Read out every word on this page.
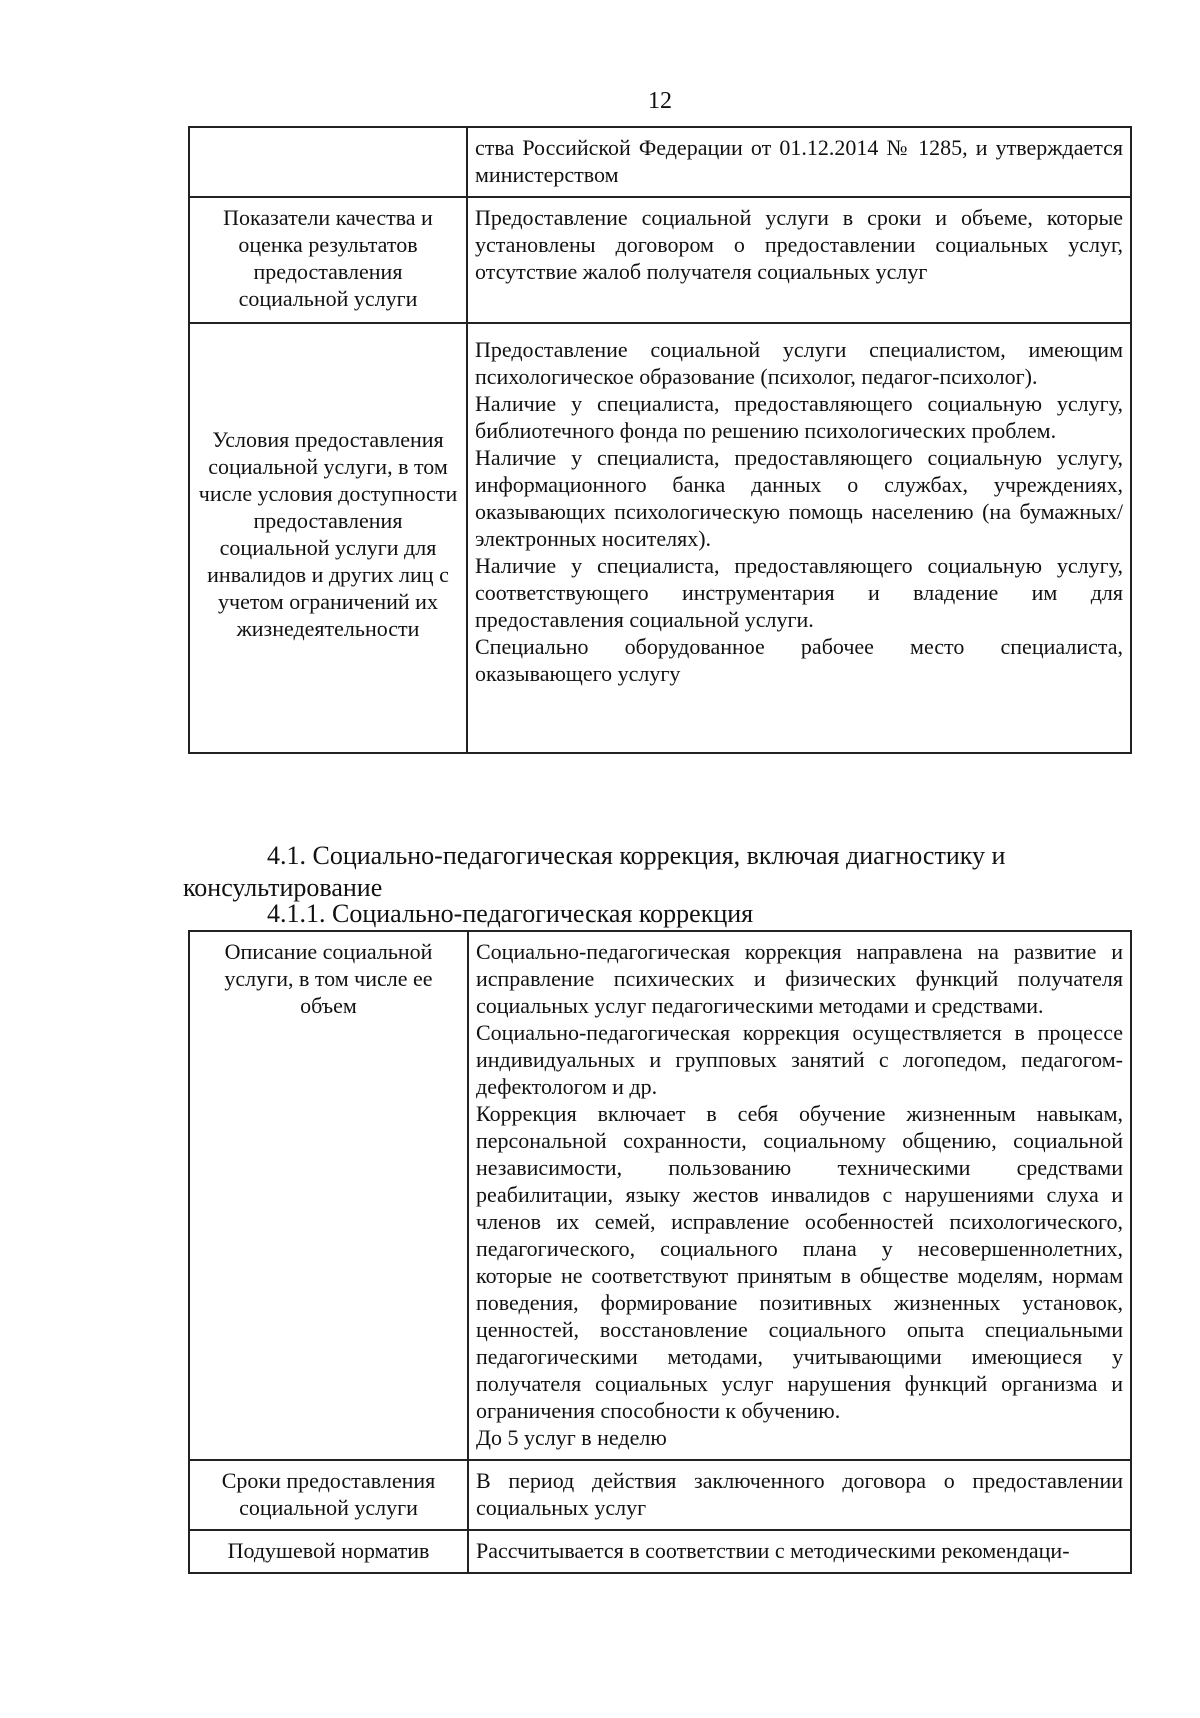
12

	ства Российской Федерации от 01.12.2014 № 1285, и утверждается министерством

Показатели качества и оценка результатов предоставления социальной услуги	Предоставление социальной услуги в сроки и объеме, которые установлены договором о предоставлении социальных услуг, отсутствие жалоб получателя социальных услуг

Условия предоставления социальной услуги, в том числе условия доступности предоставления социальной услуги для инвалидов и других лиц с учетом ограничений их жизнедеятельности	Предоставление социальной услуги специалистом, имеющим психологическое образование (психолог, педагог-психолог).
Наличие у специалиста, предоставляющего социальную услугу, библиотечного фонда по решению психологических проблем.
Наличие у специалиста, предоставляющего социальную услугу, информационного банка данных о службах, учреждениях, оказывающих психологическую помощь населению (на бумажных/электронных носителях).
Наличие у специалиста, предоставляющего социальную услугу, соответствующего инструментария и владение им для предоставления социальной услуги.
Специально оборудованное рабочее место специалиста, оказывающего услугу
4.1. Социально-педагогическая коррекция, включая диагностику и консультирование
4.1.1. Социально-педагогическая коррекция
Описание социальной услуги, в том числе ее объем	Социально-педагогическая коррекция направлена на развитие и исправление психических и физических функций получателя социальных услуг педагогическими методами и средствами.
Социально-педагогическая коррекция осуществляется в процессе индивидуальных и групповых занятий с логопедом, педагогом-дефектологом и др.
Коррекция включает в себя обучение жизненным навыкам, персональной сохранности, социальному общению, социальной независимости, пользованию техническими средствами реабилитации, языку жестов инвалидов с нарушениями слуха и членов их семей, исправление особенностей психологического, педагогического, социального плана у несовершеннолетних, которые не соответствуют принятым в обществе моделям, нормам поведения, формирование позитивных жизненных установок, ценностей, восстановление социального опыта специальными педагогическими методами, учитывающими имеющиеся у получателя социальных услуг нарушения функций организма и ограничения способности к обучению.
До 5 услуг в неделю

Сроки предоставления социальной услуги	В период действия заключенного договора о предоставлении социальных услуг

Подушевой норматив	Рассчитывается в соответствии с методическими рекомендаци-
